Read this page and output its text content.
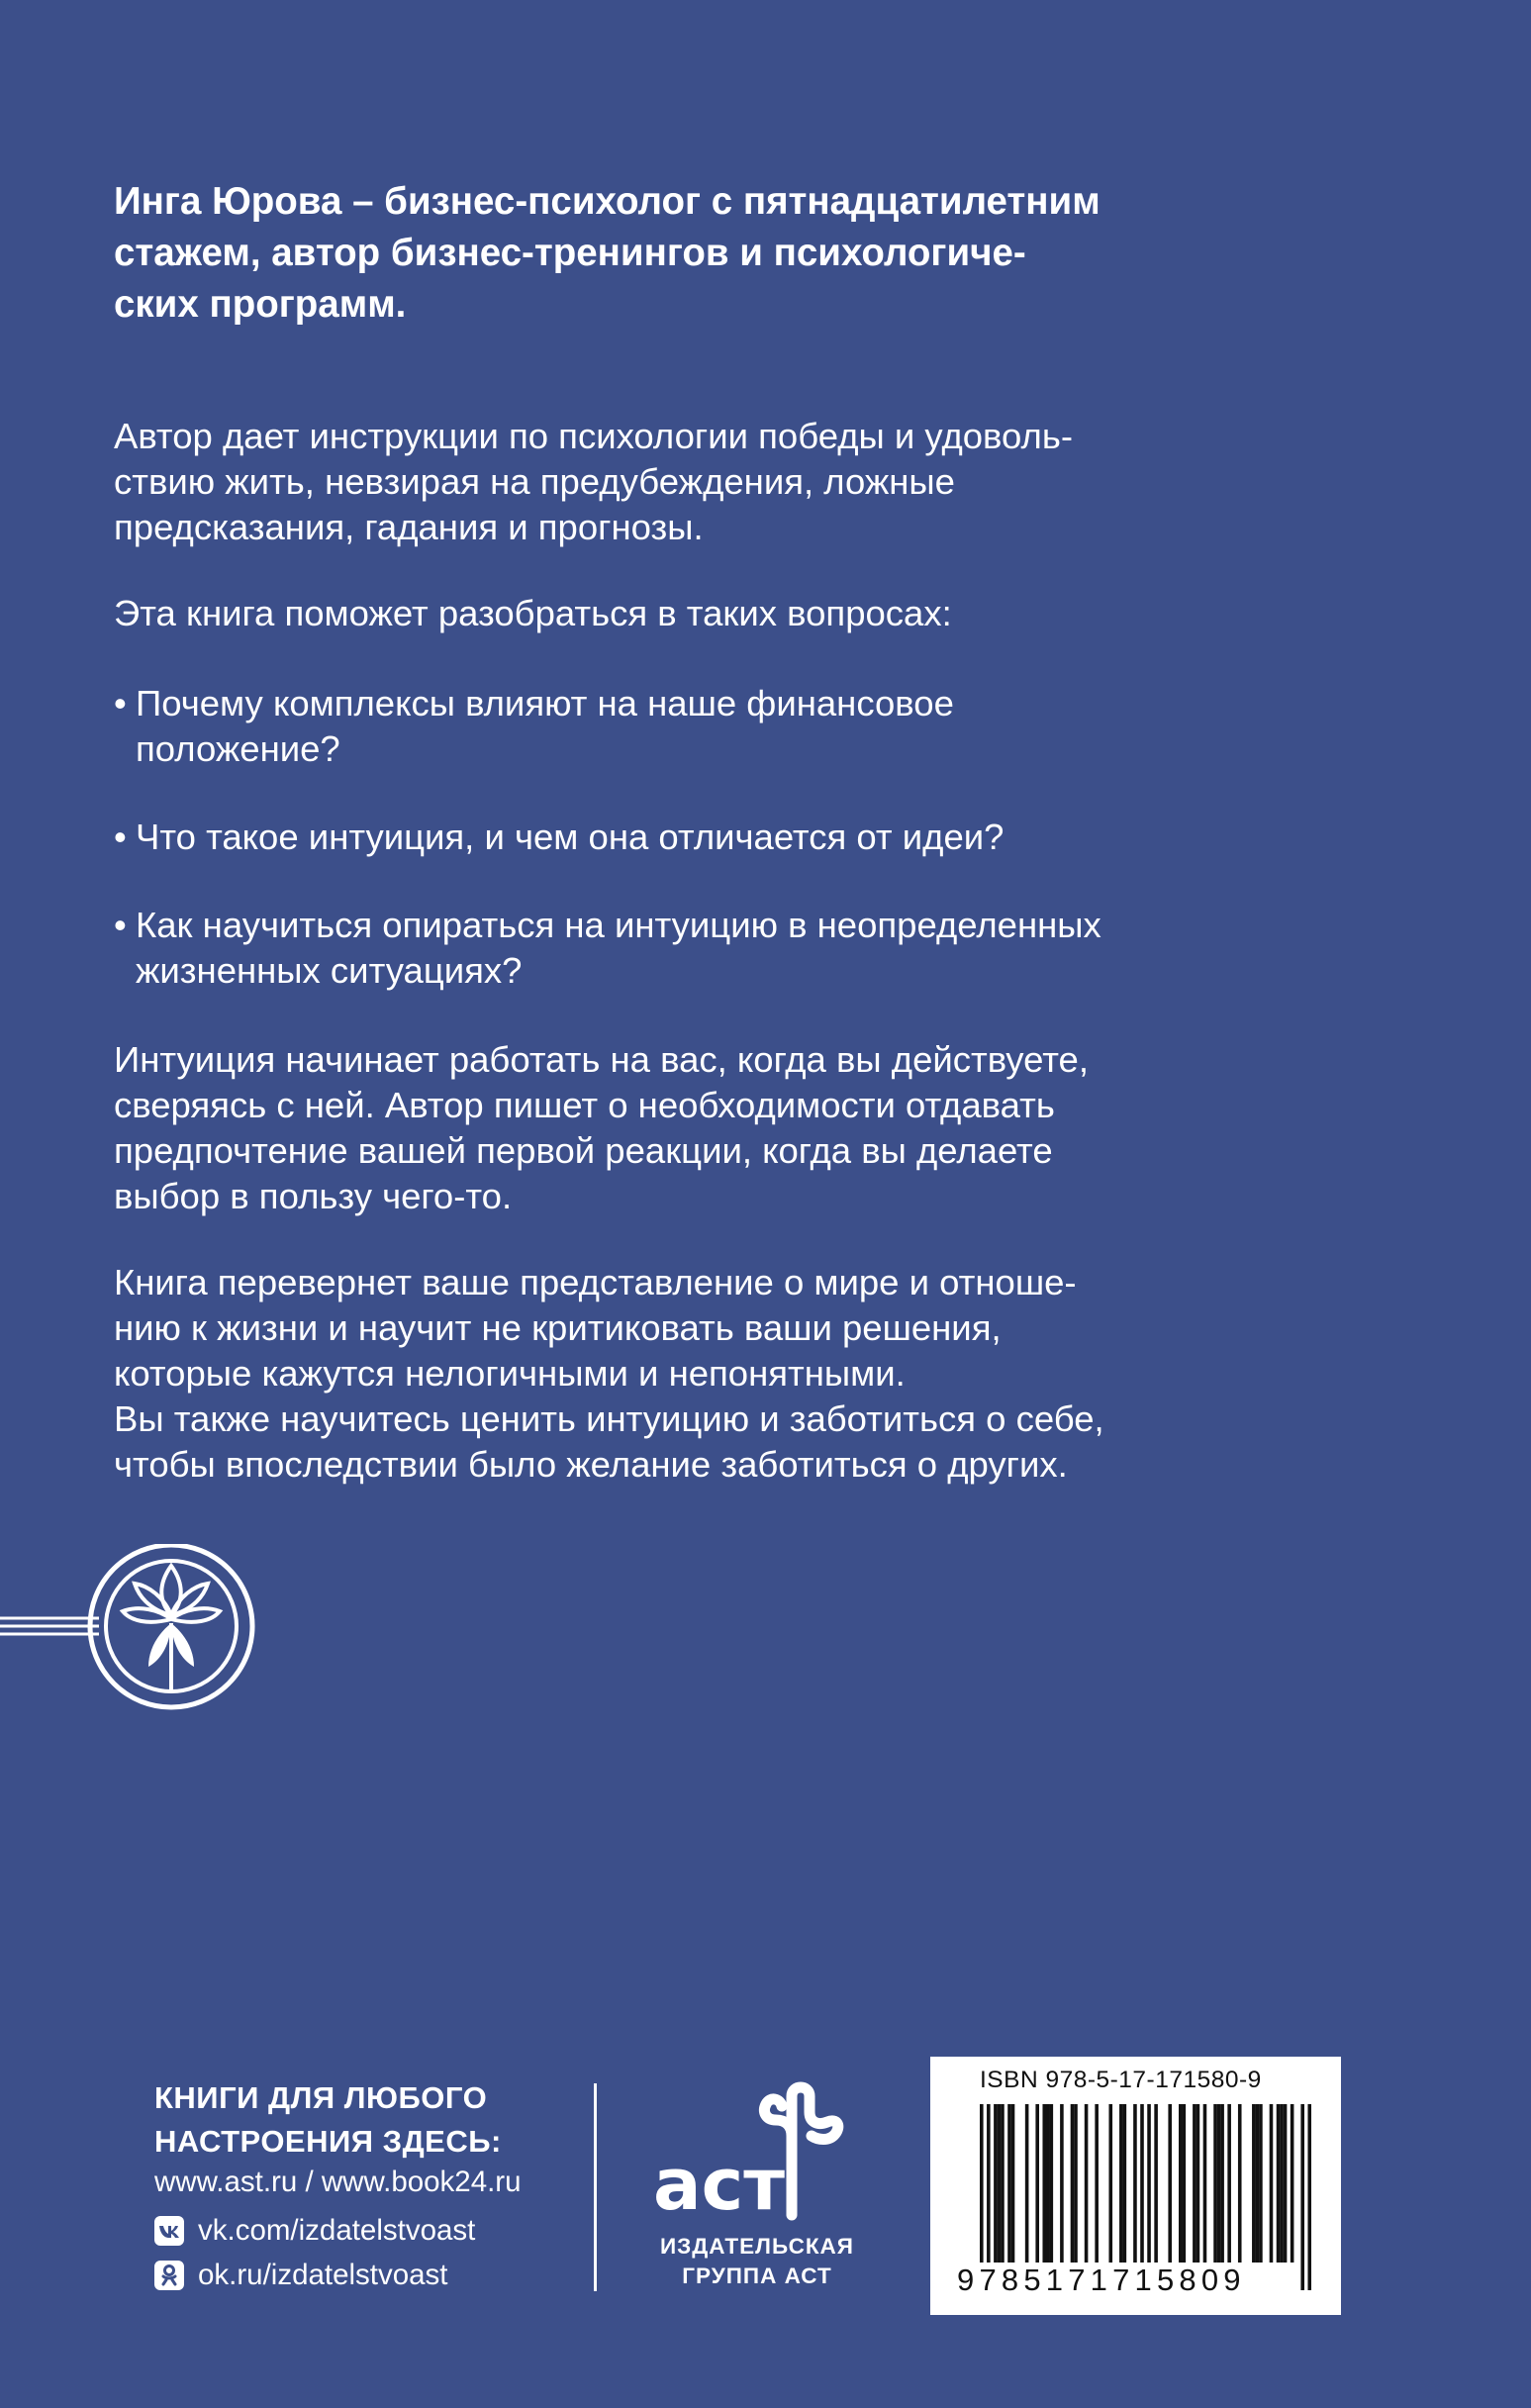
Инга Юрова – бизнес-психолог с пятнадцатилетним
стажем, автор бизнес-тренингов и психологиче-
ских программ.

Автор дает инструкции по психологии победы и удоволь-
ствию жить, невзирая на предубеждения, ложные
предсказания, гадания и прогнозы.

Эта книга поможет разобраться в таких вопросах:

• Почему комплексы влияют на наше финансовое
положение?
• Что такое интуиция, и чем она отличается от идеи?
• Как научиться опираться на интуицию в неопределенных
жизненных ситуациях?

Интуиция начинает работать на вас, когда вы действуете,
сверяясь с ней. Автор пишет о необходимости отдавать
предпочтение вашей первой реакции, когда вы делаете
выбор в пользу чего-то.

Книга перевернет ваше представление о мире и отноше-
нию к жизни и научит не критиковать ваши решения,
которые кажутся нелогичными и непонятными.
Вы также научитесь ценить интуицию и заботиться о себе,
чтобы впоследствии было желание заботиться о других.

КНИГИ ДЛЯ ЛЮБОГО
НАСТРОЕНИЯ ЗДЕСЬ:

www.ast.ru / www.book24.ru
vk.com/izdatelstvoast
ok.ru/izdatelstvoast
аст

ИЗДАТЕЛЬСКАЯ
ГРУППА АСТ

ISBN 978-5-17-171580-9
9785171715809
